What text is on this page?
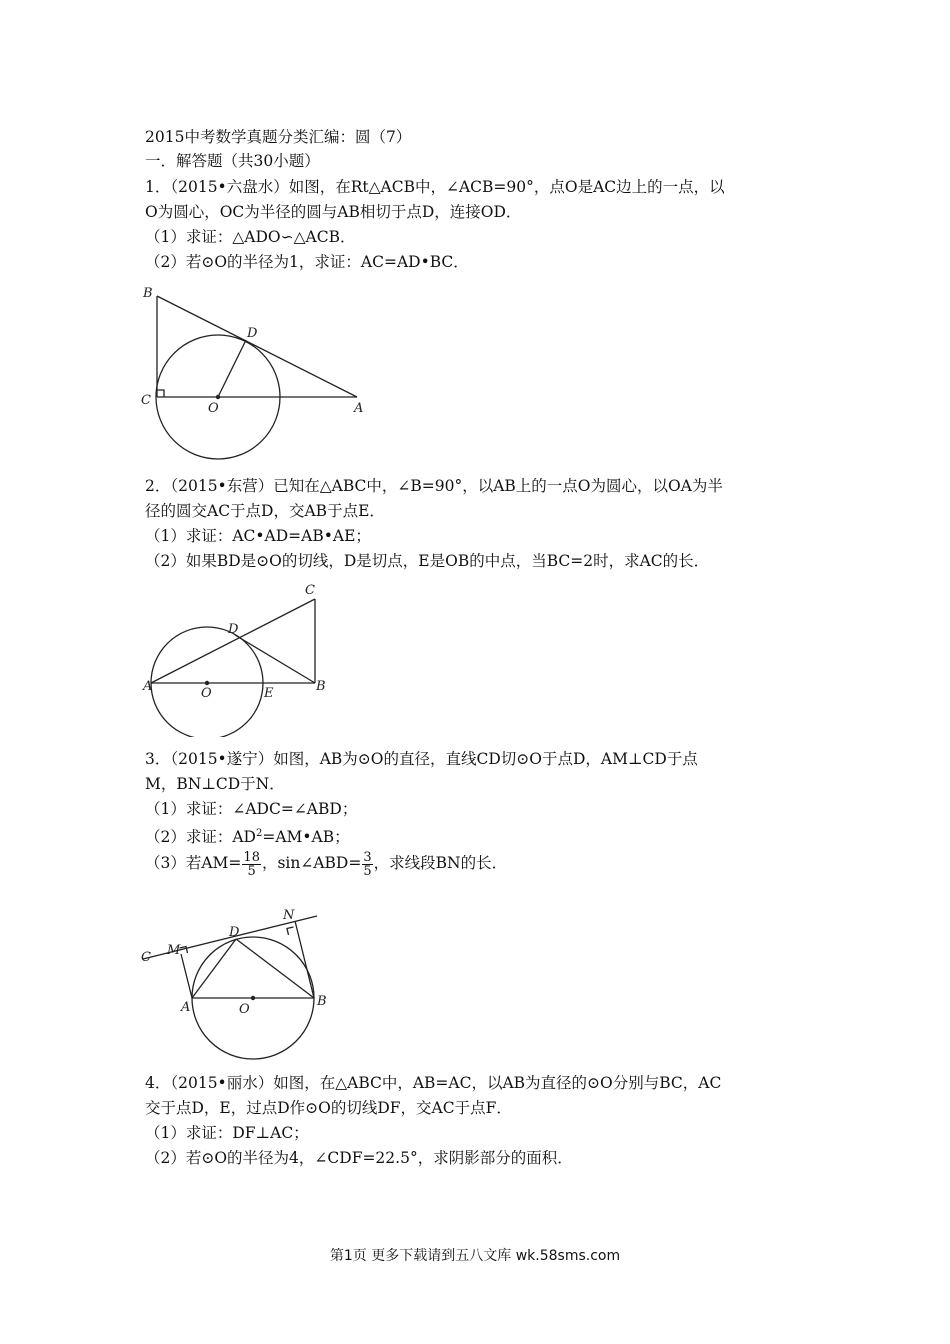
2015中考数学真题分类汇编：圆（7）
一．解答题（共30小题）
1．（2015•六盘水）如图，在Rt△ACB中，∠ACB=90°，点O是AC边上的一点，以
O为圆心，OC为半径的圆与AB相切于点D，连接OD．
（1）求证：△ADO∽△ACB．
（2）若⊙O的半径为1，求证：AC=AD•BC．
B
D
C
O	A
2．（2015•东营）已知在△ABC中，∠B=90°，以AB上的一点O为圆心，以OA为半
径的圆交AC于点D，交AB于点E．
（1）求证：AC•AD=AB•AE；
（2）如果BD是⊙O的切线，D是切点，E是OB的中点，当BC=2时，求AC的长．
C
D
A	O	E	B
3．（2015•遂宁）如图，AB为⊙O的直径，直线CD切⊙O于点D，AM⊥CD于点
M，BN⊥CD于N．
（1）求证：∠ADC=∠ABD；
（2）求证：$AD^2=AM•AB$；
（3）若$AM= \frac{18}{5}$ ，sin∠ABD= $\frac{3}{5}$ ，求线段BN的长．
N
D
M
C
A	O
B
4．（2015•丽水）如图，在△ABC中，AB=AC，以AB为直径的⊙O分别与BC，AC
交于点D，E，过点D作⊙O的切线DF，交AC于点F．
（1）求证：DF⊥AC；
（2）若⊙O的半径为4，∠CDF=22.5°，求阴影部分的面积．
第1页 更多下载请到五八文库 wk.58sms.com
